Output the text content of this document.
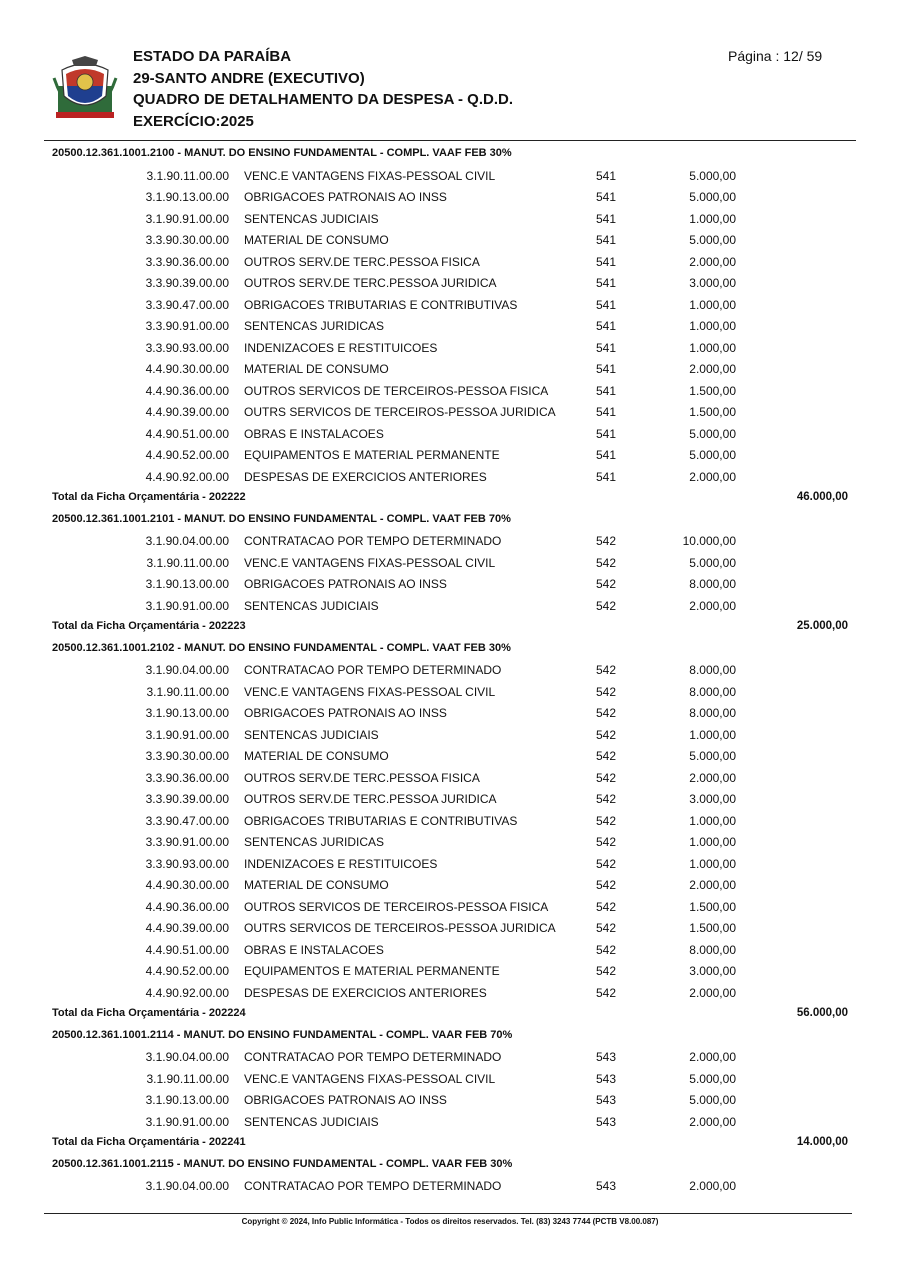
ESTADO DA PARAÍBA
29-SANTO ANDRE (EXECUTIVO)
QUADRO DE DETALHAMENTO DA DESPESA - Q.D.D.
EXERCÍCIO:2025
Página : 12/ 59
20500.12.361.1001.2100 - MANUT. DO ENSINO FUNDAMENTAL - COMPL. VAAF FEB 30%
3.1.90.11.00.00 VENC.E VANTAGENS FIXAS-PESSOAL CIVIL	541	5.000,00
3.1.90.13.00.00 OBRIGACOES PATRONAIS AO INSS	541	5.000,00
3.1.90.91.00.00 SENTENCAS JUDICIAIS	541	1.000,00
3.3.90.30.00.00 MATERIAL DE CONSUMO	541	5.000,00
3.3.90.36.00.00 OUTROS SERV.DE TERC.PESSOA FISICA	541	2.000,00
3.3.90.39.00.00 OUTROS SERV.DE TERC.PESSOA JURIDICA	541	3.000,00
3.3.90.47.00.00 OBRIGACOES TRIBUTARIAS E CONTRIBUTIVAS	541	1.000,00
3.3.90.91.00.00 SENTENCAS JURIDICAS	541	1.000,00
3.3.90.93.00.00 INDENIZACOES E RESTITUICOES	541	1.000,00
4.4.90.30.00.00 MATERIAL DE CONSUMO	541	2.000,00
4.4.90.36.00.00 OUTROS SERVICOS DE TERCEIROS-PESSOA FISICA	541	1.500,00
4.4.90.39.00.00 OUTRS SERVICOS DE TERCEIROS-PESSOA JURIDICA	541	1.500,00
4.4.90.51.00.00 OBRAS E INSTALACOES	541	5.000,00
4.4.90.52.00.00 EQUIPAMENTOS E MATERIAL PERMANENTE	541	5.000,00
4.4.90.92.00.00 DESPESAS DE EXERCICIOS ANTERIORES	541	2.000,00
Total da Ficha Orçamentária - 202222	46.000,00
20500.12.361.1001.2101 - MANUT. DO ENSINO FUNDAMENTAL - COMPL. VAAT FEB 70%
3.1.90.04.00.00 CONTRATACAO POR TEMPO DETERMINADO	542	10.000,00
3.1.90.11.00.00 VENC.E VANTAGENS FIXAS-PESSOAL CIVIL	542	5.000,00
3.1.90.13.00.00 OBRIGACOES PATRONAIS AO INSS	542	8.000,00
3.1.90.91.00.00 SENTENCAS JUDICIAIS	542	2.000,00
Total da Ficha Orçamentária - 202223	25.000,00
20500.12.361.1001.2102 - MANUT. DO ENSINO FUNDAMENTAL - COMPL. VAAT FEB 30%
3.1.90.04.00.00 CONTRATACAO POR TEMPO DETERMINADO	542	8.000,00
3.1.90.11.00.00 VENC.E VANTAGENS FIXAS-PESSOAL CIVIL	542	8.000,00
3.1.90.13.00.00 OBRIGACOES PATRONAIS AO INSS	542	8.000,00
3.1.90.91.00.00 SENTENCAS JUDICIAIS	542	1.000,00
3.3.90.30.00.00 MATERIAL DE CONSUMO	542	5.000,00
3.3.90.36.00.00 OUTROS SERV.DE TERC.PESSOA FISICA	542	2.000,00
3.3.90.39.00.00 OUTROS SERV.DE TERC.PESSOA JURIDICA	542	3.000,00
3.3.90.47.00.00 OBRIGACOES TRIBUTARIAS E CONTRIBUTIVAS	542	1.000,00
3.3.90.91.00.00 SENTENCAS JURIDICAS	542	1.000,00
3.3.90.93.00.00 INDENIZACOES E RESTITUICOES	542	1.000,00
4.4.90.30.00.00 MATERIAL DE CONSUMO	542	2.000,00
4.4.90.36.00.00 OUTROS SERVICOS DE TERCEIROS-PESSOA FISICA	542	1.500,00
4.4.90.39.00.00 OUTRS SERVICOS DE TERCEIROS-PESSOA JURIDICA	542	1.500,00
4.4.90.51.00.00 OBRAS E INSTALACOES	542	8.000,00
4.4.90.52.00.00 EQUIPAMENTOS E MATERIAL PERMANENTE	542	3.000,00
4.4.90.92.00.00 DESPESAS DE EXERCICIOS ANTERIORES	542	2.000,00
Total da Ficha Orçamentária - 202224	56.000,00
20500.12.361.1001.2114 - MANUT. DO ENSINO FUNDAMENTAL - COMPL. VAAR FEB 70%
3.1.90.04.00.00 CONTRATACAO POR TEMPO DETERMINADO	543	2.000,00
3.1.90.11.00.00 VENC.E VANTAGENS FIXAS-PESSOAL CIVIL	543	5.000,00
3.1.90.13.00.00 OBRIGACOES PATRONAIS AO INSS	543	5.000,00
3.1.90.91.00.00 SENTENCAS JUDICIAIS	543	2.000,00
Total da Ficha Orçamentária - 202241	14.000,00
20500.12.361.1001.2115 - MANUT. DO ENSINO FUNDAMENTAL - COMPL. VAAR FEB 30%
3.1.90.04.00.00 CONTRATACAO POR TEMPO DETERMINADO	543	2.000,00
Copyright © 2024, Info Public Informática - Todos os direitos reservados. Tel. (83) 3243 7744 (PCTB V8.00.087)
